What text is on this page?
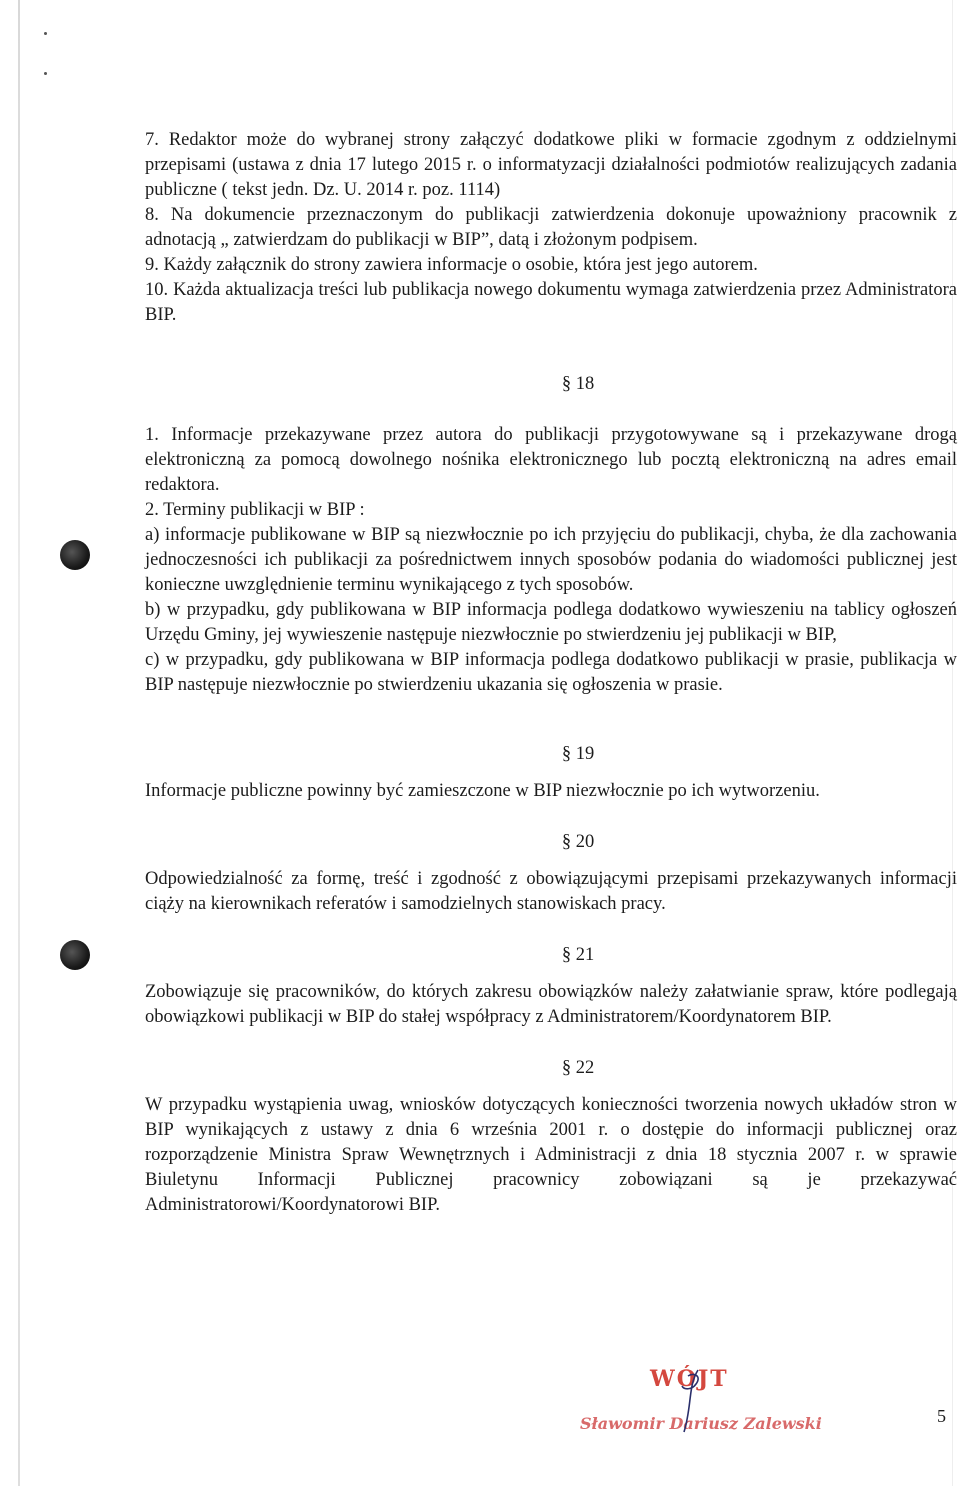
7. Redaktor może do wybranej strony załączyć dodatkowe pliki w formacie zgodnym z oddzielnymi przepisami (ustawa z dnia 17 lutego 2015 r. o informatyzacji działalności podmiotów realizujących zadania publiczne ( tekst jedn. Dz. U. 2014 r. poz. 1114)

8. Na dokumencie przeznaczonym do publikacji zatwierdzenia dokonuje upoważniony pracownik z adnotacją „ zatwierdzam do publikacji w BIP”, datą i złożonym podpisem.

9. Każdy załącznik do strony zawiera informacje o osobie, która jest jego autorem.

10. Każda aktualizacja treści lub publikacja nowego dokumentu wymaga zatwierdzenia przez Administratora BIP.

§ 18

1. Informacje przekazywane przez autora do publikacji przygotowywane są i przekazywane drogą elektroniczną za pomocą dowolnego nośnika elektronicznego lub pocztą elektroniczną na adres email redaktora.

2. Terminy publikacji w BIP :

a) informacje publikowane w BIP są niezwłocznie po ich przyjęciu do publikacji, chyba, że dla zachowania jednoczesności ich publikacji za pośrednictwem innych sposobów podania do wiadomości publicznej jest konieczne uwzględnienie terminu wynikającego z tych sposobów.

b) w przypadku, gdy publikowana w BIP informacja podlega dodatkowo wywieszeniu na tablicy ogłoszeń Urzędu Gminy, jej wywieszenie następuje niezwłocznie po stwierdzeniu jej publikacji w BIP,

c) w przypadku, gdy publikowana w BIP informacja podlega dodatkowo publikacji w prasie, publikacja w BIP następuje niezwłocznie po stwierdzeniu ukazania się ogłoszenia w prasie.

§ 19

Informacje publiczne powinny być zamieszczone w BIP niezwłocznie po ich wytworzeniu.

§ 20

Odpowiedzialność za formę, treść i zgodność z obowiązującymi przepisami przekazywanych informacji ciąży na kierownikach referatów i samodzielnych stanowiskach pracy.

§ 21

Zobowiązuje się pracowników, do których zakresu obowiązków należy załatwianie spraw, które podlegają obowiązkowi publikacji w BIP do stałej współpracy z Administratorem/Koordynatorem BIP.

§ 22

W przypadku wystąpienia uwag, wniosków dotyczących konieczności tworzenia nowych układów stron w BIP wynikających z ustawy z dnia 6 września 2001 r. o dostępie do informacji publicznej oraz rozporządzenie Ministra Spraw Wewnętrznych i Administracji z dnia 18 stycznia 2007 r. w sprawie Biuletynu Informacji Publicznej pracownicy zobowiązani są je przekazywać Administratorowi/Koordynatorowi BIP.

WÓJT
Sławomir Dariusz Zalewski	5
